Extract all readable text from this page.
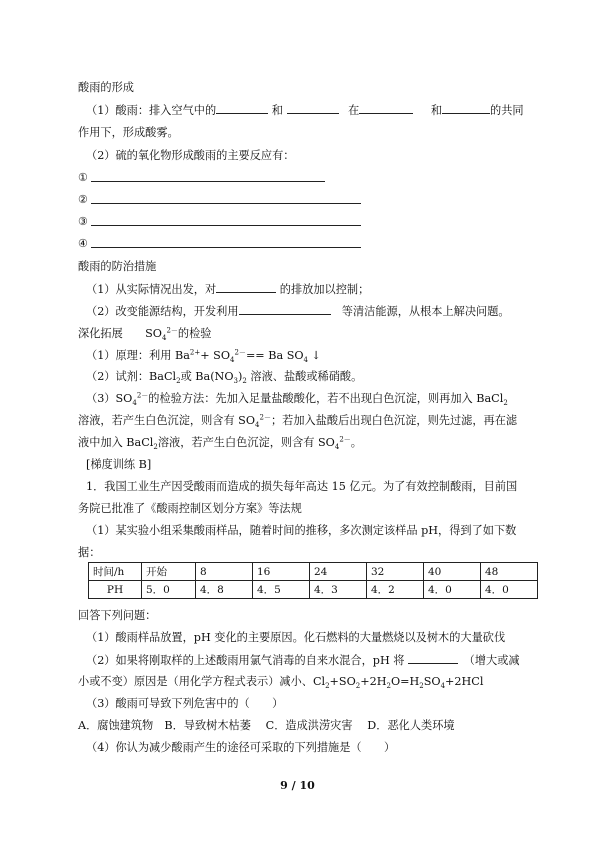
酸雨的形成
（1）酸雨：排入空气中的	和	在	和	的共同
作用下，形成酸雾。
（2）硫的氧化物形成酸雨的主要反应有：
①
②
③
④
酸雨的防治措施
（1）从实际情况出发，对	的排放加以控制；
（2）改变能源结构，开发利用　	等清洁能源，从根本上解决问题。
深化拓展　　$SO_4^{2-}$的检验
（1）原理：利用 $Ba^{2+}+ SO_4^{2-}== Ba$ $SO_4$ ↓
（2）试剂：BaCl$_2$或 $Ba(NO_3)_2$ 溶液、盐酸或稀硝酸。
$(3)SO_4^{2-}$的检验方法：先加入足量盐酸酸化，若不出现白色沉淀，则再加入 BaCl$_2$
溶液，若产生白色沉淀，则含有 $SO_4^{2-}$；若加入盐酸后出现白色沉淀，则先过滤，再在滤
液中加入 BaCl$_2$溶液，若产生白色沉淀，则含有 $SO_4^{2-}$。
[梯度训练 B]
1．我国工业生产因受酸雨而造成的损失每年高达 15 亿元。为了有效控制酸雨，目前国
务院已批准了《酸雨控制区划分方案》等法规
（1）某实验小组采集酸雨样品，随着时间的推移，多次测定该样品 pH，得到了如下数
据：
时间/h	开始	8	16	24	32	40	48
PH	5．0	4．8	4．5	4．3	4．2	4．0	4．0
回答下列问题：
（1）酸雨样品放置，pH 变化的主要原因。化石燃料的大量燃烧以及树木的大量砍伐
（2）如果将刚取样的上述酸雨用氯气消毒的自来水混合，pH 将 　	（增大或减
小或不变）原因是（用化学方程式表示）减小、$Cl_2+SO_2+2H_2O=H_2SO_4+2HCl$
（3）酸雨可导致下列危害中的（　　）
A．腐蚀建筑物　B．导致树木枯萎　 C．造成洪涝灾害　 D．恶化人类环境
（4）你认为减少酸雨产生的途径可采取的下列措施是（　　）
9 / 10
